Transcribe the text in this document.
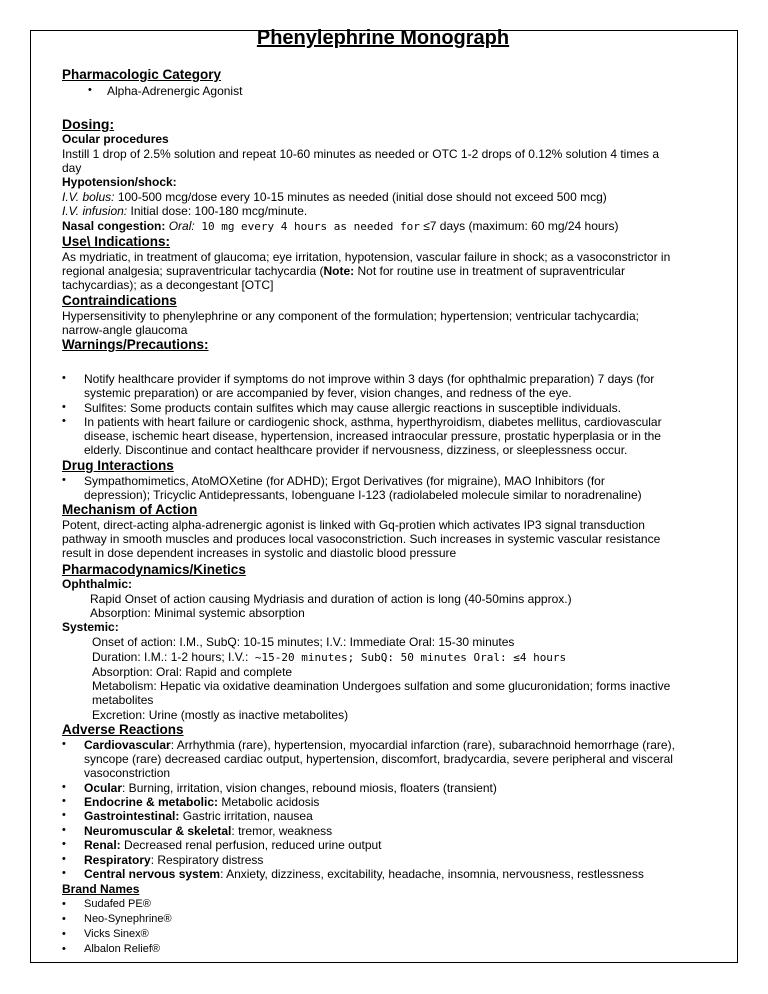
Phenylephrine Monograph
Pharmacologic Category
• Alpha-Adrenergic Agonist
Dosing:
Ocular procedures
Instill 1 drop of 2.5% solution and repeat 10-60 minutes as needed or OTC 1-2 drops of 0.12% solution 4 times a
day
Hypotension/shock:
I.V. bolus: 100-500 mcg/dose every 10-15 minutes as needed (initial dose should not exceed 500 mcg)
I.V. infusion: Initial dose: 100-180 mcg/minute.
Nasal congestion: Oral: 10 mg every 4 hours as needed for ≤7 days (maximum: 60 mg/24 hours)
Use\ Indications:
As mydriatic, in treatment of glaucoma; eye irritation, hypotension, vascular failure in shock; as a vasoconstrictor in
regional analgesia; supraventricular tachycardia (Note: Not for routine use in treatment of supraventricular
tachycardias); as a decongestant [OTC]
Contraindications
Hypersensitivity to phenylephrine or any component of the formulation; hypertension; ventricular tachycardia;
narrow-angle glaucoma
Warnings/Precautions:
• Notify healthcare provider if symptoms do not improve within 3 days (for ophthalmic preparation) 7 days (for
systemic preparation) or are accompanied by fever, vision changes, and redness of the eye.
• Sulfites: Some products contain sulfites which may cause allergic reactions in susceptible individuals.
• In patients with heart failure or cardiogenic shock, asthma, hyperthyroidism, diabetes mellitus, cardiovascular
disease, ischemic heart disease, hypertension, increased intraocular pressure, prostatic hyperplasia or in the
elderly. Discontinue and contact healthcare provider if nervousness, dizziness, or sleeplessness occur.
Drug Interactions
• Sympathomimetics, AtoMOXetine (for ADHD); Ergot Derivatives (for migraine), MAO Inhibitors (for
depression); Tricyclic Antidepressants, Iobenguane I-123 (radiolabeled molecule similar to noradrenaline)
Mechanism of Action
Potent, direct-acting alpha-adrenergic agonist is linked with Gq-protien which activates IP3 signal transduction
pathway in smooth muscles and produces local vasoconstriction. Such increases in systemic vascular resistance
result in dose dependent increases in systolic and diastolic blood pressure
Pharmacodynamics/Kinetics
Ophthalmic:
Rapid Onset of action causing Mydriasis and duration of action is long (40-50mins approx.)
Absorption: Minimal systemic absorption
Systemic:
Onset of action: I.M., SubQ: 10-15 minutes; I.V.: Immediate Oral: 15-30 minutes
Duration: I.M.: 1-2 hours; I.V.: ~15-20 minutes; SubQ: 50 minutes Oral: ≤4 hours
Absorption: Oral: Rapid and complete
Metabolism: Hepatic via oxidative deamination Undergoes sulfation and some glucuronidation; forms inactive
metabolites
Excretion: Urine (mostly as inactive metabolites)
Adverse Reactions
• Cardiovascular: Arrhythmia (rare), hypertension, myocardial infarction (rare), subarachnoid hemorrhage (rare),
syncope (rare) decreased cardiac output, hypertension, discomfort, bradycardia, severe peripheral and visceral
vasoconstriction
• Ocular: Burning, irritation, vision changes, rebound miosis, floaters (transient)
• Endocrine & metabolic: Metabolic acidosis
• Gastrointestinal: Gastric irritation, nausea
• Neuromuscular & skeletal: tremor, weakness
• Renal: Decreased renal perfusion, reduced urine output
• Respiratory: Respiratory distress
• Central nervous system: Anxiety, dizziness, excitability, headache, insomnia, nervousness, restlessness
Brand Names
• Sudafed PE®
• Neo-Synephrine®
• Vicks Sinex®
• Albalon Relief®
